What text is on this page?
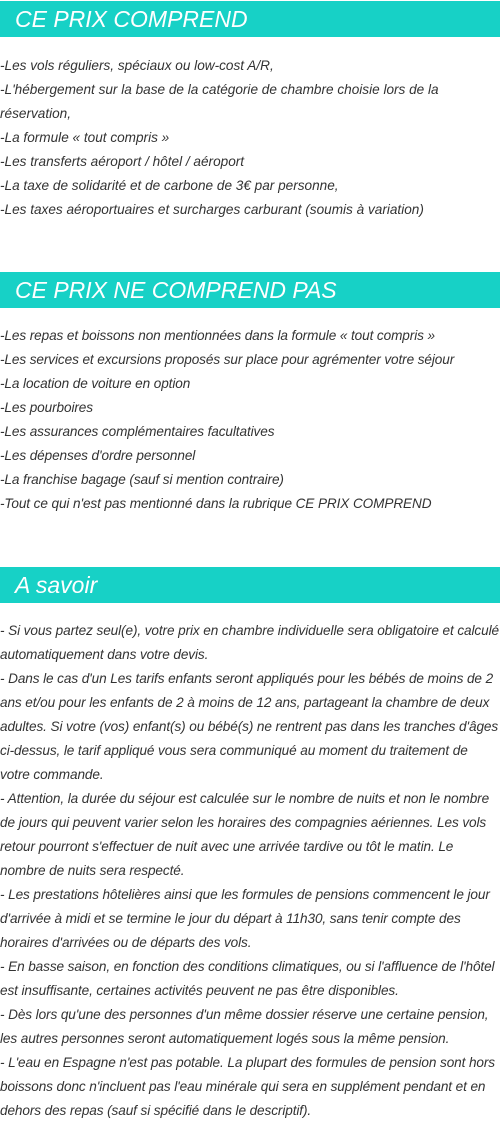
CE PRIX COMPREND
-Les vols réguliers, spéciaux ou low-cost A/R,
-L'hébergement sur la base de la catégorie de chambre choisie lors de la réservation,
-La formule « tout compris »
-Les transferts aéroport / hôtel / aéroport
-La taxe de solidarité et de carbone de 3€ par personne,
-Les taxes aéroportuaires et surcharges carburant (soumis à variation)
CE PRIX NE COMPREND PAS
-Les repas et boissons non mentionnées dans la formule « tout compris »
-Les services et excursions proposés sur place pour agrémenter votre séjour
-La location de voiture en option
-Les pourboires
-Les assurances complémentaires facultatives
-Les dépenses d'ordre personnel
-La franchise bagage (sauf si mention contraire)
-Tout ce qui n'est pas mentionné dans la rubrique CE PRIX COMPREND
A savoir
- Si vous partez seul(e), votre prix en chambre individuelle sera obligatoire et calculé automatiquement dans votre devis.
- Dans le cas d'un Les tarifs enfants seront appliqués pour les bébés de moins de 2 ans et/ou pour les enfants de 2 à moins de 12 ans, partageant la chambre de deux adultes. Si votre (vos) enfant(s) ou bébé(s) ne rentrent pas dans les tranches d'âges ci-dessus, le tarif appliqué vous sera communiqué au moment du traitement de votre commande.
- Attention, la durée du séjour est calculée sur le nombre de nuits et non le nombre de jours qui peuvent varier selon les horaires des compagnies aériennes. Les vols retour pourront s'effectuer de nuit avec une arrivée tardive ou tôt le matin. Le nombre de nuits sera respecté.
- Les prestations hôtelières ainsi que les formules de pensions commencent le jour d'arrivée à midi et se termine le jour du départ à 11h30, sans tenir compte des horaires d'arrivées ou de départs des vols.
- En basse saison, en fonction des conditions climatiques, ou si l'affluence de l'hôtel est insuffisante, certaines activités peuvent ne pas être disponibles.
- Dès lors qu'une des personnes d'un même dossier réserve une certaine pension, les autres personnes seront automatiquement logés sous la même pension.
- L'eau en Espagne n'est pas potable. La plupart des formules de pension sont hors boissons donc n'incluent pas l'eau minérale qui sera en supplément pendant et en dehors des repas (sauf si spécifié dans le descriptif).
